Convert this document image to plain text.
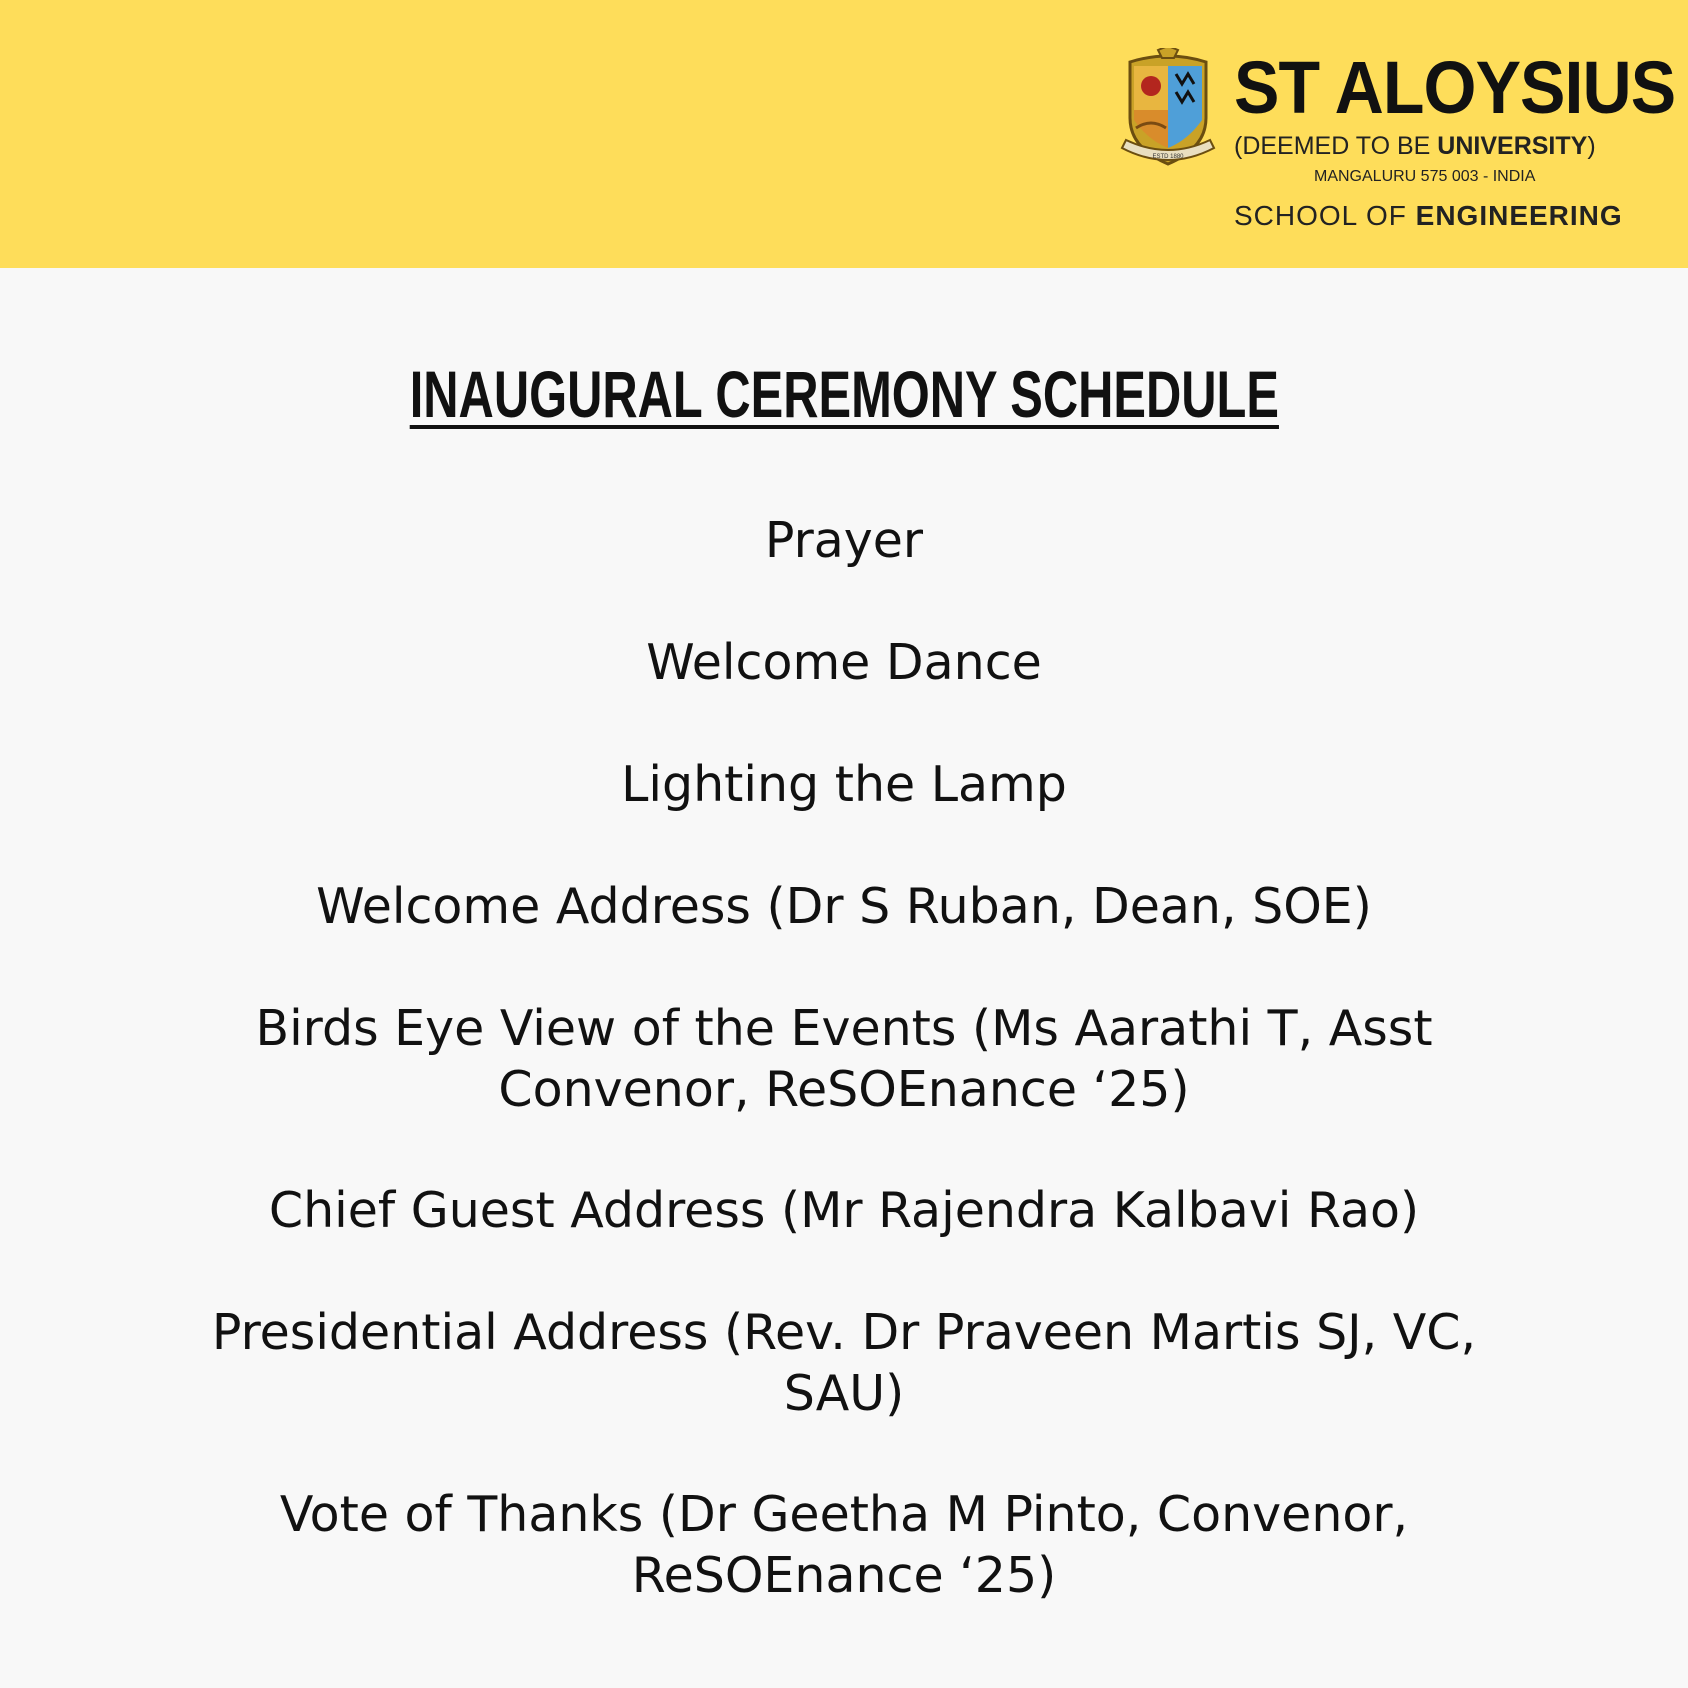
ESTD 1880
ST ALOYSIUS
(DEEMED TO BE UNIVERSITY)
MANGALURU 575 003 - INDIA
SCHOOL OF ENGINEERING
INAUGURAL CEREMONY SCHEDULE

Prayer

Welcome Dance

Lighting the Lamp

Welcome Address (Dr S Ruban, Dean, SOE)

Birds Eye View of the Events (Ms Aarathi T, Asst Convenor, ReSOEnance ‘25)

Chief Guest Address (Mr Rajendra Kalbavi Rao)

Presidential Address (Rev. Dr Praveen Martis SJ, VC, SAU)

Vote of Thanks (Dr Geetha M Pinto, Convenor, ReSOEnance ‘25)
